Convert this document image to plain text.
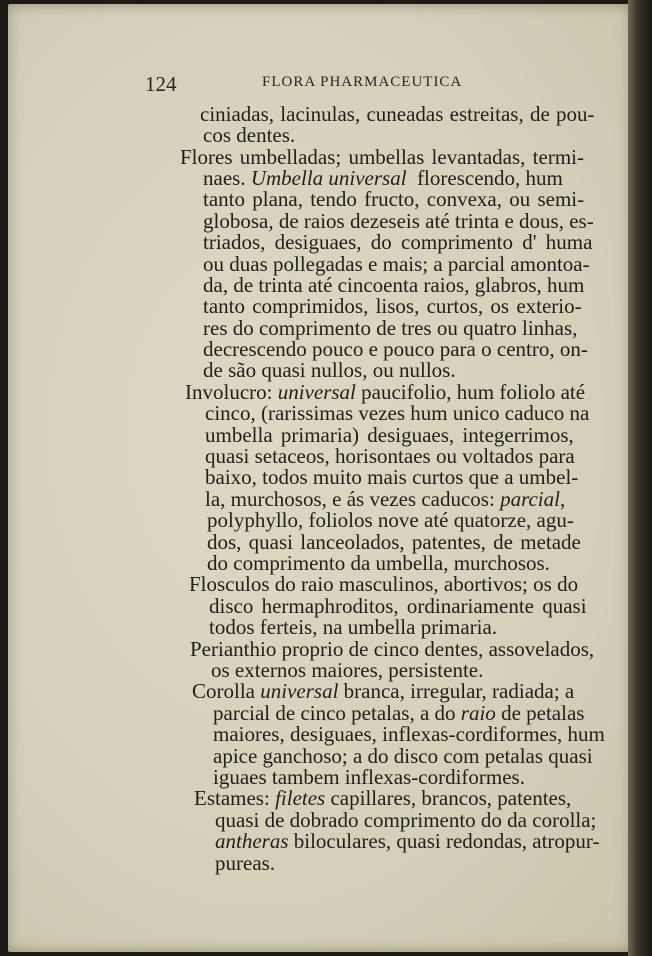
124	FLORA PHARMACEUTICA
ciniadas, lacinulas, cuneadas estreitas, de pou-
cos dentes.
Flores umbelladas; umbellas levantadas, termi-
naes. Umbella universal florescendo, hum
tanto plana, tendo fructo, convexa, ou semi-
globosa, de raios dezeseis até trinta e dous, es-
triados, desiguaes, do comprimento d' huma
ou duas pollegadas e mais; a parcial amontoa-
da, de trinta até cincoenta raios, glabros, hum
tanto comprimidos, lisos, curtos, os exterio-
res do comprimento de tres ou quatro linhas,
decrescendo pouco e pouco para o centro, on-
de são quasi nullos, ou nullos.
Involucro: universal paucifolio, hum foliolo até
cinco, (rarissimas vezes hum unico caduco na
umbella primaria) desiguaes, integerrimos,
quasi setaceos, horisontaes ou voltados para
baixo, todos muito mais curtos que a umbel-
la, murchosos, e ás vezes caducos: parcial,
polyphyllo, foliolos nove até quatorze, agu-
dos, quasi lanceolados, patentes, de metade
do comprimento da umbella, murchosos.
Flosculos do raio masculinos, abortivos; os do
disco hermaphroditos, ordinariamente quasi
todos ferteis, na umbella primaria.
Perianthio proprio de cinco dentes, assovelados,
os externos maiores, persistente.
Corolla universal branca, irregular, radiada; a
parcial de cinco petalas, a do raio de petalas
maiores, desiguaes, inflexas-cordiformes, hum
apice ganchoso; a do disco com petalas quasi
iguaes tambem inflexas-cordiformes.
Estames: filetes capillares, brancos, patentes,
quasi de dobrado comprimento do da corolla;
antheras biloculares, quasi redondas, atropur-
pureas.
